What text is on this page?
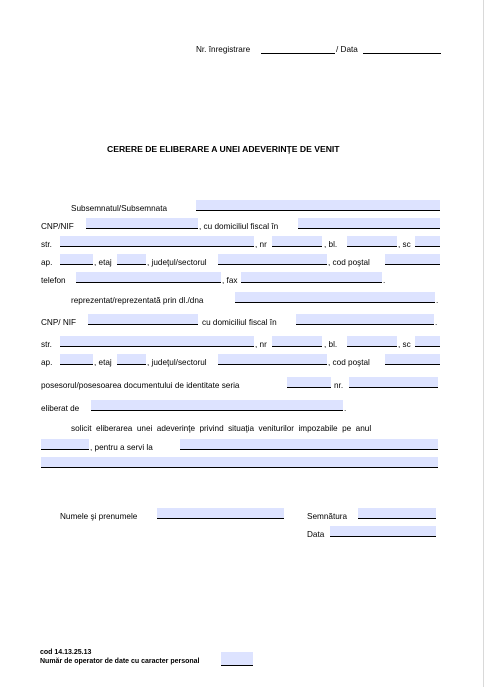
Nr. înregistrare	/ Data
CERERE DE ELIBERARE A UNEI ADEVERINŢE DE VENIT
Subsemnatul/Subsemnata
CNP/NIF	, cu domiciliul fiscal în
str.	, nr	, bl.	, sc
ap.	, etaj	, judeţul/sectorul	, cod poştal
telefon	, fax	.
reprezentat/reprezentată prin dl./dna	.
CNP/ NIF	cu domiciliul fiscal în	.
str.	, nr	, bl.	, sc
ap.	, etaj	, judeţul/sectorul	, cod poştal
posesorul/posesoarea documentului de identitate seria	nr.
eliberat de	.
solicit eliberarea unei adeverinţe privind situaţia veniturilor impozabile pe anul
, pentru a servi la
Numele şi prenumele	Semnătura
Data
cod 14.13.25.13
Număr de operator de date cu caracter personal
